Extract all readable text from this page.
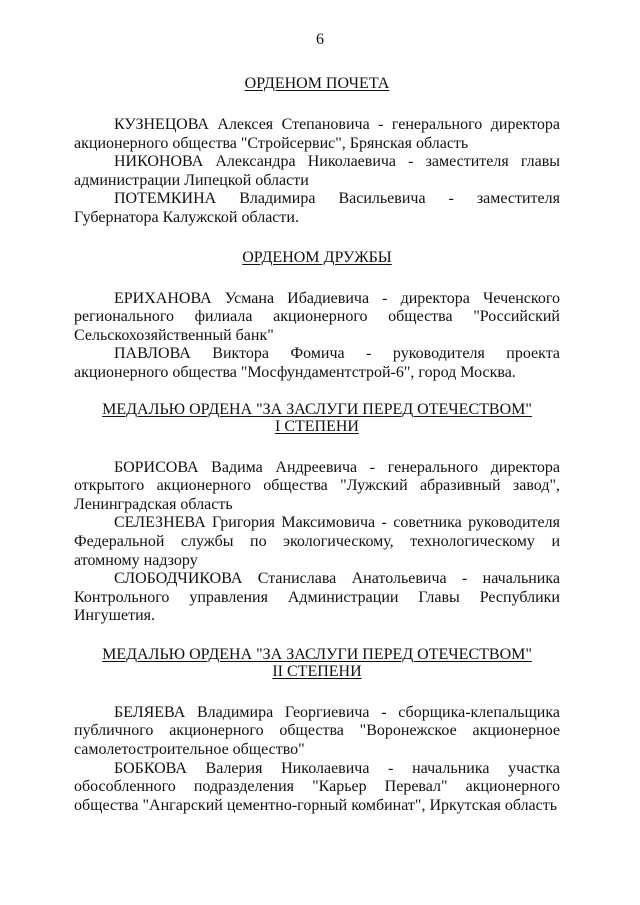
6
ОРДЕНОМ ПОЧЕТА

КУЗНЕЦОВА Алексея Степановича - генерального директора акционерного общества "Стройсервис", Брянская область

НИКОНОВА Александра Николаевича - заместителя главы администрации Липецкой области

ПОТЕМКИНА Владимира Васильевича - заместителя Губернатора Калужской области.

ОРДЕНОМ ДРУЖБЫ

ЕРИХАНОВА Усмана Ибадиевича - директора Чеченского регионального филиала акционерного общества "Российский Сельскохозяйственный банк"

ПАВЛОВА Виктора Фомича - руководителя проекта акционерного общества "Мосфундаментстрой-6", город Москва.

МЕДАЛЬЮ ОРДЕНА "ЗА ЗАСЛУГИ ПЕРЕД ОТЕЧЕСТВОМ"
I СТЕПЕНИ

БОРИСОВА Вадима Андреевича - генерального директора открытого акционерного общества "Лужский абразивный завод", Ленинградская область

СЕЛЕЗНЕВА Григория Максимовича - советника руководителя Федеральной службы по экологическому, технологическому и атомному надзору

СЛОБОДЧИКОВА Станислава Анатольевича - начальника Контрольного управления Администрации Главы Республики Ингушетия.

МЕДАЛЬЮ ОРДЕНА "ЗА ЗАСЛУГИ ПЕРЕД ОТЕЧЕСТВОМ"
II СТЕПЕНИ

БЕЛЯЕВА Владимира Георгиевича - сборщика-клепальщика публичного акционерного общества "Воронежское акционерное самолетостроительное общество"

БОБКОВА Валерия Николаевича - начальника участка обособленного подразделения "Карьер Перевал" акционерного общества "Ангарский цементно-горный комбинат", Иркутская область
